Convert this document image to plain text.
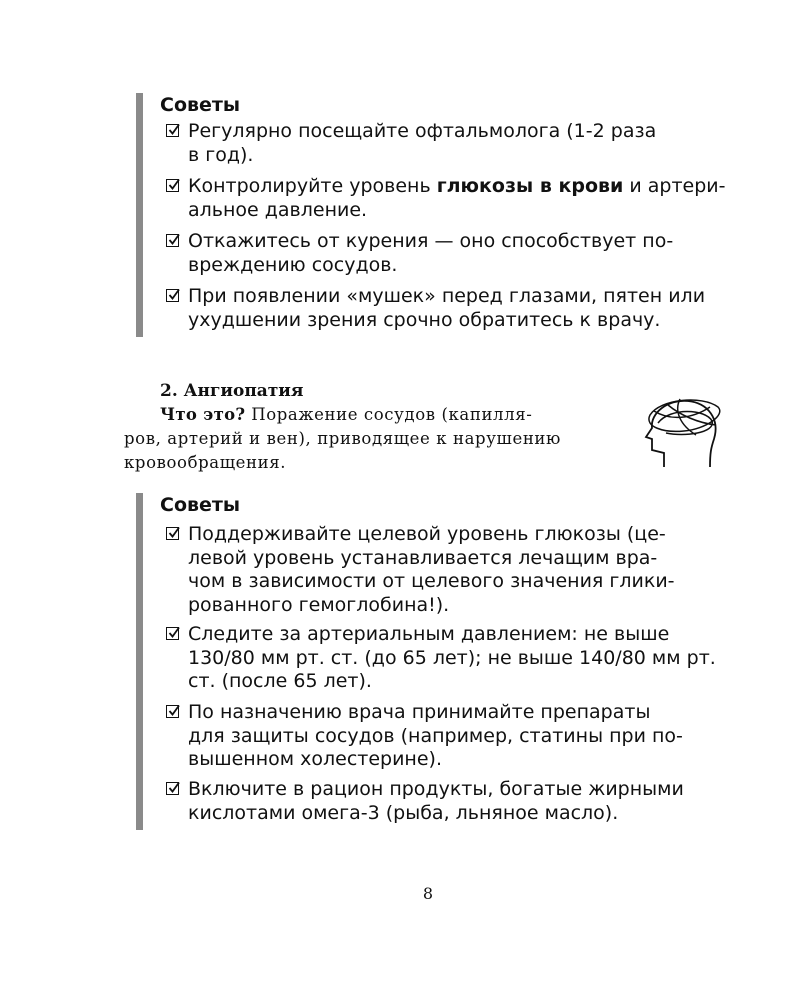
Советы
Регулярно посещайте офтальмолога (1-2 раза
в год).
Контролируйте уровень глюкозы в крови и артери-
альное давление.
Откажитесь от курения — оно способствует по-
вреждению сосудов.
При появлении «мушек» перед глазами, пятен или
ухудшении зрения срочно обратитесь к врачу.
2. Ангиопатия
Что это? Поражение сосудов (капилля-
ров, артерий и вен), приводящее к нарушению
кровообращения.
Советы
Поддерживайте целевой уровень глюкозы (це-
левой уровень устанавливается лечащим вра-
чом в зависимости от целевого значения глики-
рованного гемоглобина!).
Следите за артериальным давлением: не выше
130/80 мм рт. ст. (до 65 лет); не выше 140/80 мм рт.
ст. (после 65 лет).
По назначению врача принимайте препараты
для защиты сосудов (например, статины при по-
вышенном холестерине).
Включите в рацион продукты, богатые жирными
кислотами омега-3 (рыба, льняное масло).
8
